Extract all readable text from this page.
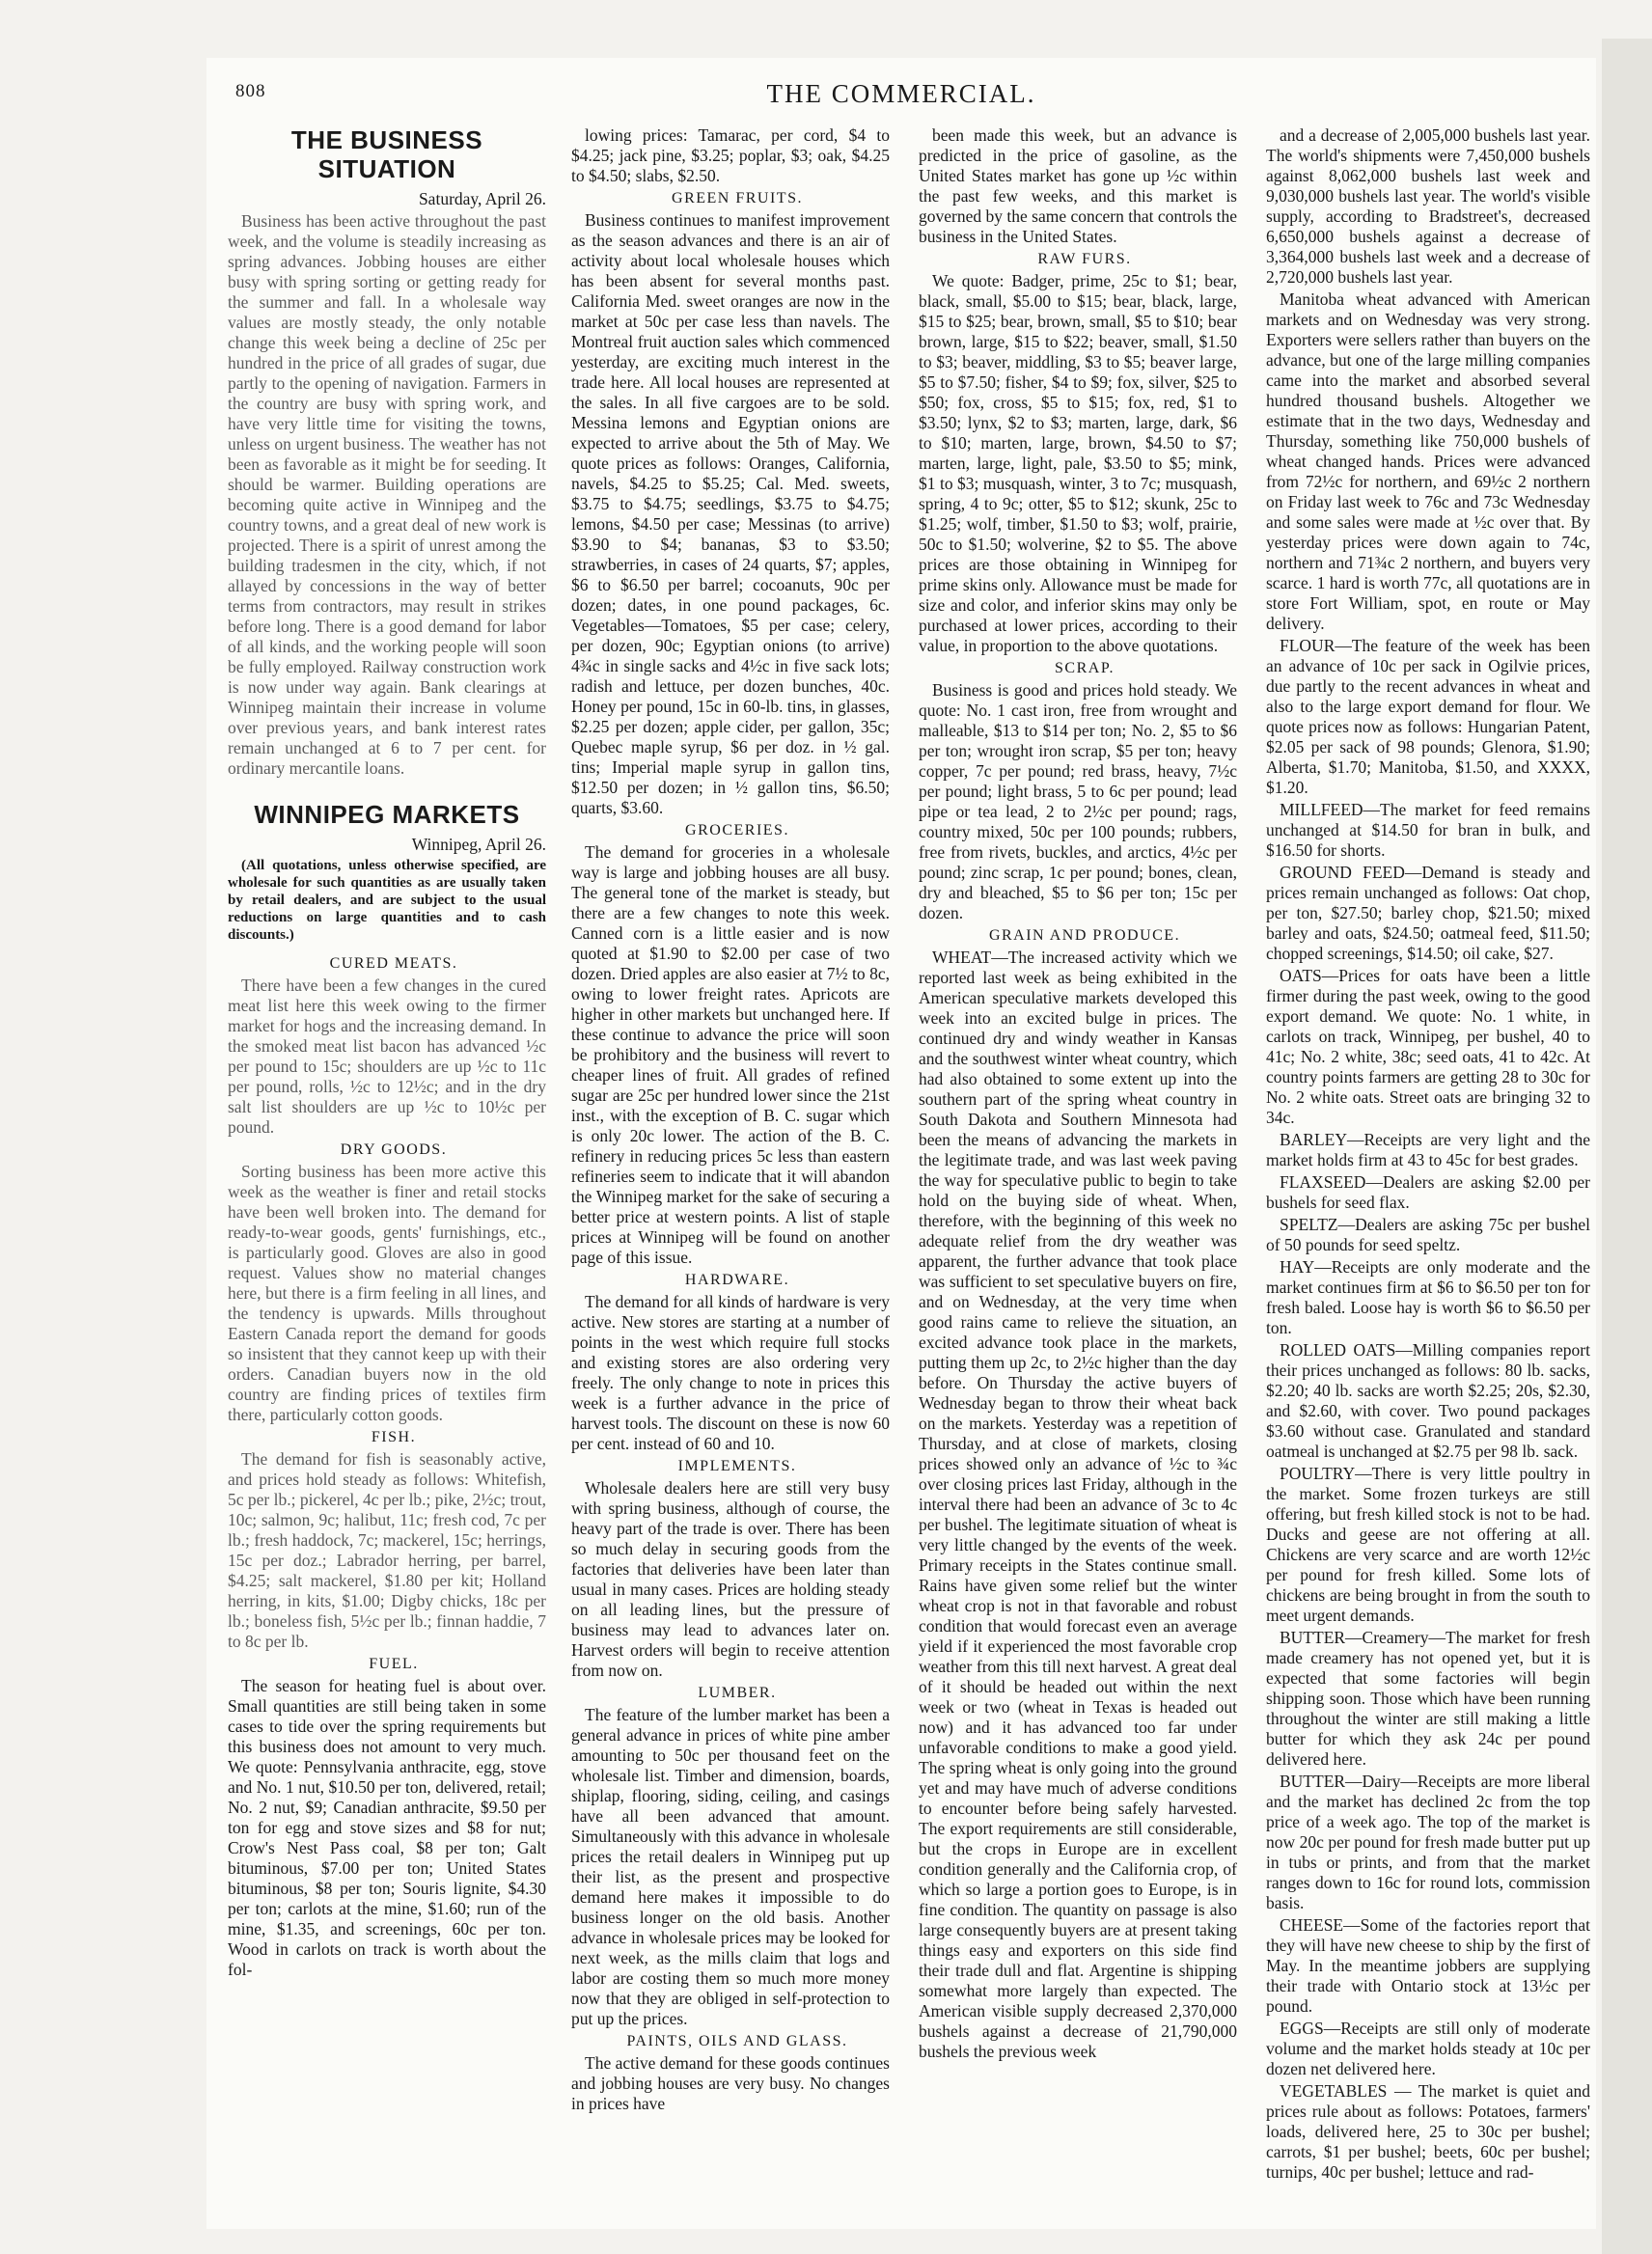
808	THE COMMERCIAL.
THE BUSINESS SITUATION

Saturday, April 26.

Business has been active throughout the past week, and the volume is steadily increasing as spring advances. Jobbing houses are either busy with spring sorting or getting ready for the summer and fall. In a wholesale way values are mostly steady, the only notable change this week being a decline of 25c per hundred in the price of all grades of sugar, due partly to the opening of navigation. Farmers in the country are busy with spring work, and have very little time for visiting the towns, unless on urgent business. The weather has not been as favorable as it might be for seeding. It should be warmer. Building operations are becoming quite active in Winnipeg and the country towns, and a great deal of new work is projected. There is a spirit of unrest among the building tradesmen in the city, which, if not allayed by concessions in the way of better terms from contractors, may result in strikes before long. There is a good demand for labor of all kinds, and the working people will soon be fully employed. Railway construction work is now under way again. Bank clearings at Winnipeg maintain their increase in volume over previous years, and bank interest rates remain unchanged at 6 to 7 per cent. for ordinary mercantile loans.

WINNIPEG MARKETS

Winnipeg, April 26.

(All quotations, unless otherwise specified, are wholesale for such quantities as are usually taken by retail dealers, and are subject to the usual reductions on large quantities and to cash discounts.)

CURED MEATS.

There have been a few changes in the cured meat list here this week owing to the firmer market for hogs and the increasing demand. In the smoked meat list bacon has advanced ½c per pound to 15c; shoulders are up ½c to 11c per pound, rolls, ½c to 12½c; and in the dry salt list shoulders are up ½c to 10½c per pound.

DRY GOODS.

Sorting business has been more active this week as the weather is finer and retail stocks have been well broken into. The demand for ready-to-wear goods, gents' furnishings, etc., is particularly good. Gloves are also in good request. Values show no material changes here, but there is a firm feeling in all lines, and the tendency is upwards. Mills throughout Eastern Canada report the demand for goods so insistent that they cannot keep up with their orders. Canadian buyers now in the old country are finding prices of textiles firm there, particularly cotton goods.

FISH.

The demand for fish is seasonably active, and prices hold steady as follows: Whitefish, 5c per lb.; pickerel, 4c per lb.; pike, 2½c; trout, 10c; salmon, 9c; halibut, 11c; fresh cod, 7c per lb.; fresh haddock, 7c; mackerel, 15c; herrings, 15c per doz.; Labrador herring, per barrel, $4.25; salt mackerel, $1.80 per kit; Holland herring, in kits, $1.00; Digby chicks, 18c per lb.; boneless fish, 5½c per lb.; finnan haddie, 7 to 8c per lb.

FUEL.

The season for heating fuel is about over. Small quantities are still being taken in some cases to tide over the spring requirements but this business does not amount to very much. We quote: Pennsylvania anthracite, egg, stove and No. 1 nut, $10.50 per ton, delivered, retail; No. 2 nut, $9; Canadian anthracite, $9.50 per ton for egg and stove sizes and $8 for nut; Crow's Nest Pass coal, $8 per ton; Galt bituminous, $7.00 per ton; United States bituminous, $8 per ton; Souris lignite, $4.30 per ton; carlots at the mine, $1.60; run of the mine, $1.35, and screenings, 60c per ton. Wood in carlots on track is worth about the fol-

lowing prices: Tamarac, per cord, $4 to $4.25; jack pine, $3.25; poplar, $3; oak, $4.25 to $4.50; slabs, $2.50.

GREEN FRUITS.

Business continues to manifest improvement as the season advances and there is an air of activity about local wholesale houses which has been absent for several months past. California Med. sweet oranges are now in the market at 50c per case less than navels. The Montreal fruit auction sales which commenced yesterday, are exciting much interest in the trade here. All local houses are represented at the sales. In all five cargoes are to be sold. Messina lemons and Egyptian onions are expected to arrive about the 5th of May. We quote prices as follows: Oranges, California, navels, $4.25 to $5.25; Cal. Med. sweets, $3.75 to $4.75; seedlings, $3.75 to $4.75; lemons, $4.50 per case; Messinas (to arrive) $3.90 to $4; bananas, $3 to $3.50; strawberries, in cases of 24 quarts, $7; apples, $6 to $6.50 per barrel; cocoanuts, 90c per dozen; dates, in one pound packages, 6c. Vegetables—Tomatoes, $5 per case; celery, per dozen, 90c; Egyptian onions (to arrive) 4¾c in single sacks and 4½c in five sack lots; radish and lettuce, per dozen bunches, 40c. Honey per pound, 15c in 60-lb. tins, in glasses, $2.25 per dozen; apple cider, per gallon, 35c; Quebec maple syrup, $6 per doz. in ½ gal. tins; Imperial maple syrup in gallon tins, $12.50 per dozen; in ½ gallon tins, $6.50; quarts, $3.60.

GROCERIES.

The demand for groceries in a wholesale way is large and jobbing houses are all busy. The general tone of the market is steady, but there are a few changes to note this week. Canned corn is a little easier and is now quoted at $1.90 to $2.00 per case of two dozen. Dried apples are also easier at 7½ to 8c, owing to lower freight rates. Apricots are higher in other markets but unchanged here. If these continue to advance the price will soon be prohibitory and the business will revert to cheaper lines of fruit. All grades of refined sugar are 25c per hundred lower since the 21st inst., with the exception of B. C. sugar which is only 20c lower. The action of the B. C. refinery in reducing prices 5c less than eastern refineries seem to indicate that it will abandon the Winnipeg market for the sake of securing a better price at western points. A list of staple prices at Winnipeg will be found on another page of this issue.

HARDWARE.

The demand for all kinds of hardware is very active. New stores are starting at a number of points in the west which require full stocks and existing stores are also ordering very freely. The only change to note in prices this week is a further advance in the price of harvest tools. The discount on these is now 60 per cent. instead of 60 and 10.

IMPLEMENTS.

Wholesale dealers here are still very busy with spring business, although of course, the heavy part of the trade is over. There has been so much delay in securing goods from the factories that deliveries have been later than usual in many cases. Prices are holding steady on all leading lines, but the pressure of business may lead to advances later on. Harvest orders will begin to receive attention from now on.

LUMBER.

The feature of the lumber market has been a general advance in prices of white pine amber amounting to 50c per thousand feet on the wholesale list. Timber and dimension, boards, shiplap, flooring, siding, ceiling, and casings have all been advanced that amount. Simultaneously with this advance in wholesale prices the retail dealers in Winnipeg put up their list, as the present and prospective demand here makes it impossible to do business longer on the old basis. Another advance in wholesale prices may be looked for next week, as the mills claim that logs and labor are costing them so much more money now that they are obliged in self-protection to put up the prices.

PAINTS, OILS AND GLASS.

The active demand for these goods continues and jobbing houses are very busy. No changes in prices have

been made this week, but an advance is predicted in the price of gasoline, as the United States market has gone up ½c within the past few weeks, and this market is governed by the same concern that controls the business in the United States.

RAW FURS.

We quote: Badger, prime, 25c to $1; bear, black, small, $5.00 to $15; bear, black, large, $15 to $25; bear, brown, small, $5 to $10; bear brown, large, $15 to $22; beaver, small, $1.50 to $3; beaver, middling, $3 to $5; beaver large, $5 to $7.50; fisher, $4 to $9; fox, silver, $25 to $50; fox, cross, $5 to $15; fox, red, $1 to $3.50; lynx, $2 to $3; marten, large, dark, $6 to $10; marten, large, brown, $4.50 to $7; marten, large, light, pale, $3.50 to $5; mink, $1 to $3; musquash, winter, 3 to 7c; musquash, spring, 4 to 9c; otter, $5 to $12; skunk, 25c to $1.25; wolf, timber, $1.50 to $3; wolf, prairie, 50c to $1.50; wolverine, $2 to $5. The above prices are those obtaining in Winnipeg for prime skins only. Allowance must be made for size and color, and inferior skins may only be purchased at lower prices, according to their value, in proportion to the above quotations.

SCRAP.

Business is good and prices hold steady. We quote: No. 1 cast iron, free from wrought and malleable, $13 to $14 per ton; No. 2, $5 to $6 per ton; wrought iron scrap, $5 per ton; heavy copper, 7c per pound; red brass, heavy, 7½c per pound; light brass, 5 to 6c per pound; lead pipe or tea lead, 2 to 2½c per pound; rags, country mixed, 50c per 100 pounds; rubbers, free from rivets, buckles, and arctics, 4½c per pound; zinc scrap, 1c per pound; bones, clean, dry and bleached, $5 to $6 per ton; 15c per dozen.

GRAIN AND PRODUCE.

WHEAT—The increased activity which we reported last week as being exhibited in the American speculative markets developed this week into an excited bulge in prices. The continued dry and windy weather in Kansas and the southwest winter wheat country, which had also obtained to some extent up into the southern part of the spring wheat country in South Dakota and Southern Minnesota had been the means of advancing the markets in the legitimate trade, and was last week paving the way for speculative public to begin to take hold on the buying side of wheat. When, therefore, with the beginning of this week no adequate relief from the dry weather was apparent, the further advance that took place was sufficient to set speculative buyers on fire, and on Wednesday, at the very time when good rains came to relieve the situation, an excited advance took place in the markets, putting them up 2c, to 2½c higher than the day before. On Thursday the active buyers of Wednesday began to throw their wheat back on the markets. Yesterday was a repetition of Thursday, and at close of markets, closing prices showed only an advance of ½c to ¾c over closing prices last Friday, although in the interval there had been an advance of 3c to 4c per bushel. The legitimate situation of wheat is very little changed by the events of the week. Primary receipts in the States continue small. Rains have given some relief but the winter wheat crop is not in that favorable and robust condition that would forecast even an average yield if it experienced the most favorable crop weather from this till next harvest. A great deal of it should be headed out within the next week or two (wheat in Texas is headed out now) and it has advanced too far under unfavorable conditions to make a good yield. The spring wheat is only going into the ground yet and may have much of adverse conditions to encounter before being safely harvested. The export requirements are still considerable, but the crops in Europe are in excellent condition generally and the California crop, of which so large a portion goes to Europe, is in fine condition. The quantity on passage is also large consequently buyers are at present taking things easy and exporters on this side find their trade dull and flat. Argentine is shipping somewhat more largely than expected. The American visible supply decreased 2,370,000 bushels against a decrease of 21,790,000 bushels the previous week

and a decrease of 2,005,000 bushels last year. The world's shipments were 7,450,000 bushels against 8,062,000 bushels last week and 9,030,000 bushels last year. The world's visible supply, according to Bradstreet's, decreased 6,650,000 bushels against a decrease of 3,364,000 bushels last week and a decrease of 2,720,000 bushels last year.

Manitoba wheat advanced with American markets and on Wednesday was very strong. Exporters were sellers rather than buyers on the advance, but one of the large milling companies came into the market and absorbed several hundred thousand bushels. Altogether we estimate that in the two days, Wednesday and Thursday, something like 750,000 bushels of wheat changed hands. Prices were advanced from 72½c for northern, and 69½c 2 northern on Friday last week to 76c and 73c Wednesday and some sales were made at ½c over that. By yesterday prices were down again to 74c, northern and 71¾c 2 northern, and buyers very scarce. 1 hard is worth 77c, all quotations are in store Fort William, spot, en route or May delivery.

FLOUR—The feature of the week has been an advance of 10c per sack in Ogilvie prices, due partly to the recent advances in wheat and also to the large export demand for flour. We quote prices now as follows: Hungarian Patent, $2.05 per sack of 98 pounds; Glenora, $1.90; Alberta, $1.70; Manitoba, $1.50, and XXXX, $1.20.

MILLFEED—The market for feed remains unchanged at $14.50 for bran in bulk, and $16.50 for shorts.

GROUND FEED—Demand is steady and prices remain unchanged as follows: Oat chop, per ton, $27.50; barley chop, $21.50; mixed barley and oats, $24.50; oatmeal feed, $11.50; chopped screenings, $14.50; oil cake, $27.

OATS—Prices for oats have been a little firmer during the past week, owing to the good export demand. We quote: No. 1 white, in carlots on track, Winnipeg, per bushel, 40 to 41c; No. 2 white, 38c; seed oats, 41 to 42c. At country points farmers are getting 28 to 30c for No. 2 white oats. Street oats are bringing 32 to 34c.

BARLEY—Receipts are very light and the market holds firm at 43 to 45c for best grades.

FLAXSEED—Dealers are asking $2.00 per bushels for seed flax.

SPELTZ—Dealers are asking 75c per bushel of 50 pounds for seed speltz.

HAY—Receipts are only moderate and the market continues firm at $6 to $6.50 per ton for fresh baled. Loose hay is worth $6 to $6.50 per ton.

ROLLED OATS—Milling companies report their prices unchanged as follows: 80 lb. sacks, $2.20; 40 lb. sacks are worth $2.25; 20s, $2.30, and $2.60, with cover. Two pound packages $3.60 without case. Granulated and standard oatmeal is unchanged at $2.75 per 98 lb. sack.

POULTRY—There is very little poultry in the market. Some frozen turkeys are still offering, but fresh killed stock is not to be had. Ducks and geese are not offering at all. Chickens are very scarce and are worth 12½c per pound for fresh killed. Some lots of chickens are being brought in from the south to meet urgent demands.

BUTTER—Creamery—The market for fresh made creamery has not opened yet, but it is expected that some factories will begin shipping soon. Those which have been running throughout the winter are still making a little butter for which they ask 24c per pound delivered here.

BUTTER—Dairy—Receipts are more liberal and the market has declined 2c from the top price of a week ago. The top of the market is now 20c per pound for fresh made butter put up in tubs or prints, and from that the market ranges down to 16c for round lots, commission basis.

CHEESE—Some of the factories report that they will have new cheese to ship by the first of May. In the meantime jobbers are supplying their trade with Ontario stock at 13½c per pound.

EGGS—Receipts are still only of moderate volume and the market holds steady at 10c per dozen net delivered here.

VEGETABLES — The market is quiet and prices rule about as follows: Potatoes, farmers' loads, delivered here, 25 to 30c per bushel; carrots, $1 per bushel; beets, 60c per bushel; turnips, 40c per bushel; lettuce and rad-
